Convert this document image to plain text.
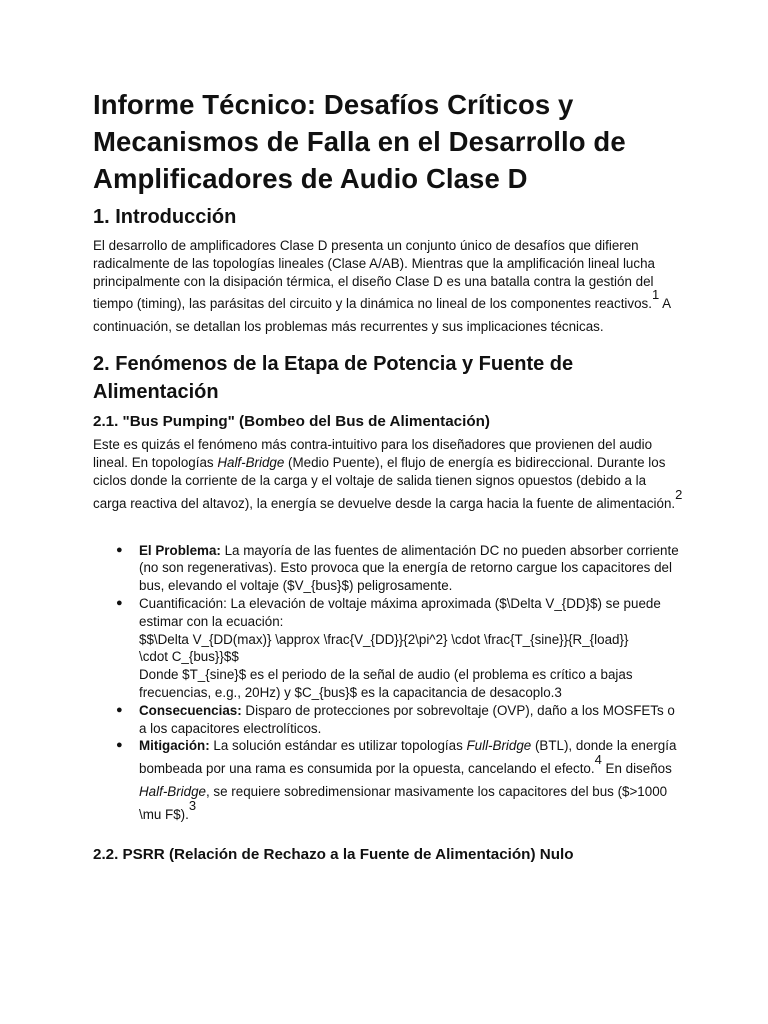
Informe Técnico: Desafíos Críticos y Mecanismos de Falla en el Desarrollo de Amplificadores de Audio Clase D
1. Introducción

El desarrollo de amplificadores Clase D presenta un conjunto único de desafíos que difieren radicalmente de las topologías lineales (Clase A/AB). Mientras que la amplificación lineal lucha principalmente con la disipación térmica, el diseño Clase D es una batalla contra la gestión del tiempo (timing), las parásitas del circuito y la dinámica no lineal de los componentes reactivos.$^1$ A continuación, se detallan los problemas más recurrentes y sus implicaciones técnicas.

2. Fenómenos de la Etapa de Potencia y Fuente de Alimentación
2.1. "Bus Pumping" (Bombeo del Bus de Alimentación)

Este es quizás el fenómeno más contra-intuitivo para los diseñadores que provienen del audio lineal. En topologías Half-Bridge (Medio Puente), el flujo de energía es bidireccional. Durante los ciclos donde la corriente de la carga y el voltaje de salida tienen signos opuestos (debido a la carga reactiva del altavoz), la energía se devuelve desde la carga hacia la fuente de alimentación.$^2$

● El Problema: La mayoría de las fuentes de alimentación DC no pueden absorber corriente (no son regenerativas). Esto provoca que la energía de retorno cargue los capacitores del bus, elevando el voltaje ($V_{bus}$) peligrosamente.
● Cuantificación: La elevación de voltaje máxima aproximada ($\Delta V_{DD}$) se puede estimar con la ecuación:
$$\Delta V_{DD(max)} \approx \frac{V_{DD}}{2\pi^2} \cdot \frac{T_{sine}}{R_{load}}
\cdot C_{bus}}$$
Donde $T_{sine}$ es el periodo de la señal de audio (el problema es crítico a bajas frecuencias, e.g., 20Hz) y $C_{bus}$ es la capacitancia de desacoplo.3
● Consecuencias: Disparo de protecciones por sobrevoltaje (OVP), daño a los MOSFETs o a los capacitores electrolíticos.
● Mitigación: La solución estándar es utilizar topologías Full-Bridge (BTL), donde la energía bombeada por una rama es consumida por la opuesta, cancelando el efecto.$^4$ En diseños Half-Bridge, se requiere sobredimensionar masivamente los capacitores del bus ($>1000 \mu F$).$^3$
2.2. PSRR (Relación de Rechazo a la Fuente de Alimentación) Nulo
